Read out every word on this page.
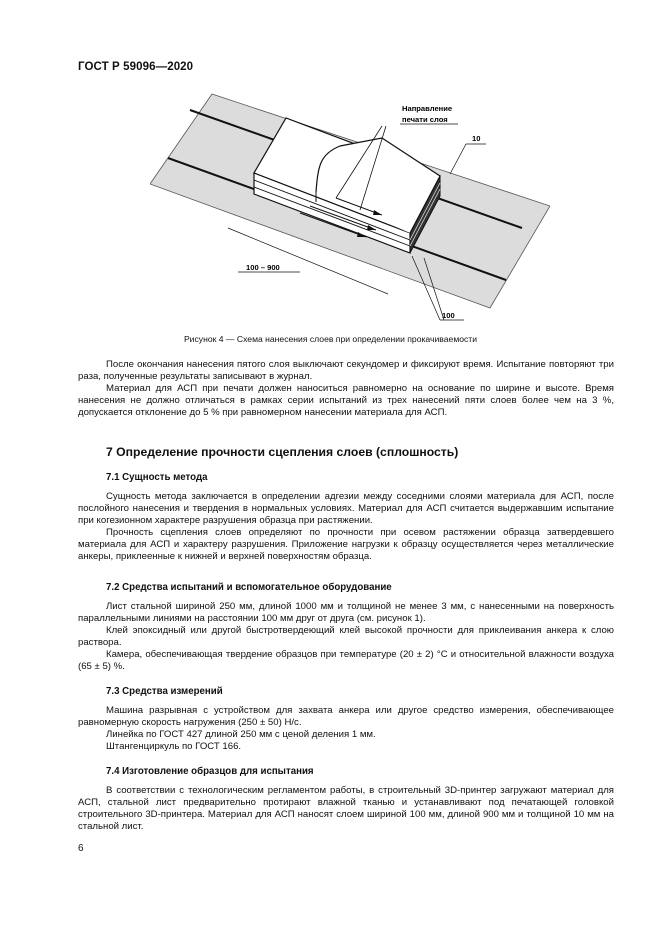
ГОСТ Р 59096—2020
Направление
печати слоя
10
100 – 900
100
Рисунок 4 — Схема нанесения слоев при определении прокачиваемости

После окончания нанесения пятого слоя выключают секундомер и фиксируют время. Испытание повторяют три раза, полученные результаты записывают в журнал.

Материал для АСП при печати должен наноситься равномерно на основание по ширине и высоте. Время нанесения не должно отличаться в рамках серии испытаний из трех нанесений пяти слоев более чем на 3 %, допускается отклонение до 5 % при равномерном нанесении материала для АСП.

7 Определение прочности сцепления слоев (сплошность)
7.1 Сущность метода

Сущность метода заключается в определении адгезии между соседними слоями материала для АСП, после послойного нанесения и твердения в нормальных условиях. Материал для АСП считается выдержавшим испытание при когезионном характере разрушения образца при растяжении.

Прочность сцепления слоев определяют по прочности при осевом растяжении образца затвердевшего материала для АСП и характеру разрушения. Приложение нагрузки к образцу осуществляется через металлические анкеры, приклеенные к нижней и верхней поверхностям образца.

7.2 Средства испытаний и вспомогательное оборудование

Лист стальной шириной 250 мм, длиной 1000 мм и толщиной не менее 3 мм, с нанесенными на поверхность параллельными линиями на расстоянии 100 мм друг от друга (см. рисунок 1).

Клей эпоксидный или другой быстротвердеющий клей высокой прочности для приклеивания анкера к слою раствора.

Камера, обеспечивающая твердение образцов при температуре (20 ± 2) °C и относительной влажности воздуха (65 ± 5) %.

7.3 Средства измерений

Машина разрывная с устройством для захвата анкера или другое средство измерения, обеспечивающее равномерную скорость нагружения (250 ± 50) Н/с.

Линейка по ГОСТ 427 длиной 250 мм с ценой деления 1 мм.

Штангенциркуль по ГОСТ 166.

7.4 Изготовление образцов для испытания

В соответствии с технологическим регламентом работы, в строительный 3D-принтер загружают материал для АСП, стальной лист предварительно протирают влажной тканью и устанавливают под печатающей головкой строительного 3D-принтера. Материал для АСП наносят слоем шириной 100 мм, длиной 900 мм и толщиной 10 мм на стальной лист.

6
